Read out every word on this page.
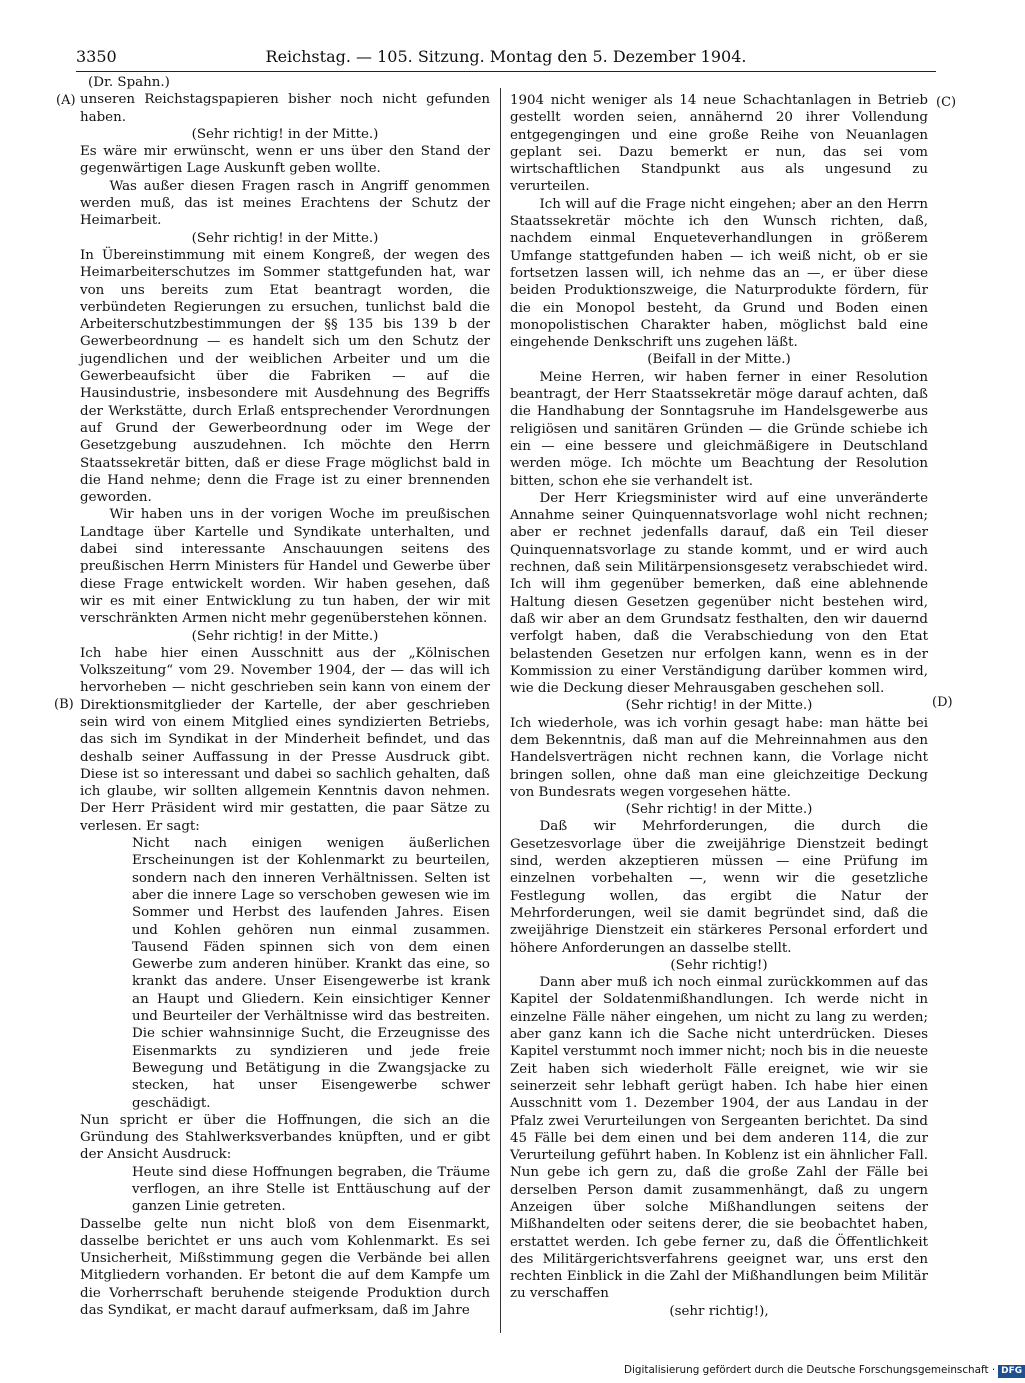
3350	Reichstag. — 105. Sitzung. Montag den 5. Dezember 1904.
(A)
(B)
(C)
(D)

(Dr. Spahn.)

unseren Reichstagspapieren bisher noch nicht gefunden haben.

(Sehr richtig! in der Mitte.)

Es wäre mir erwünscht, wenn er uns über den Stand der gegenwärtigen Lage Auskunft geben wollte.

Was außer diesen Fragen rasch in Angriff genommen werden muß, das ist meines Erachtens der Schutz der Heimarbeit.

(Sehr richtig! in der Mitte.)

In Übereinstimmung mit einem Kongreß, der wegen des Heimarbeiterschutzes im Sommer stattgefunden hat, war von uns bereits zum Etat beantragt worden, die verbündeten Regierungen zu ersuchen, tunlichst bald die Arbeiterschutzbestimmungen der §§ 135 bis 139 b der Gewerbeordnung — es handelt sich um den Schutz der jugendlichen und der weiblichen Arbeiter und um die Gewerbeaufsicht über die Fabriken — auf die Hausindustrie, insbesondere mit Ausdehnung des Begriffs der Werkstätte, durch Erlaß entsprechender Verordnungen auf Grund der Gewerbeordnung oder im Wege der Gesetzgebung auszudehnen. Ich möchte den Herrn Staatssekretär bitten, daß er diese Frage möglichst bald in die Hand nehme; denn die Frage ist zu einer brennenden geworden.

Wir haben uns in der vorigen Woche im preußischen Landtage über Kartelle und Syndikate unterhalten, und dabei sind interessante Anschauungen seitens des preußischen Herrn Ministers für Handel und Gewerbe über diese Frage entwickelt worden. Wir haben gesehen, daß wir es mit einer Entwicklung zu tun haben, der wir mit verschränkten Armen nicht mehr gegenüberstehen können.

(Sehr richtig! in der Mitte.)

Ich habe hier einen Ausschnitt aus der „Kölnischen Volkszeitung“ vom 29. November 1904, der — das will ich hervorheben — nicht geschrieben sein kann von einem der Direktionsmitglieder der Kartelle, der aber geschrieben sein wird von einem Mitglied eines syndizierten Betriebs, das sich im Syndikat in der Minderheit befindet, und das deshalb seiner Auffassung in der Presse Ausdruck gibt. Diese ist so interessant und dabei so sachlich gehalten, daß ich glaube, wir sollten allgemein Kenntnis davon nehmen. Der Herr Präsident wird mir gestatten, die paar Sätze zu verlesen. Er sagt:

Nicht nach einigen wenigen äußerlichen Erscheinungen ist der Kohlenmarkt zu beurteilen, sondern nach den inneren Verhältnissen. Selten ist aber die innere Lage so verschoben gewesen wie im Sommer und Herbst des laufenden Jahres. Eisen und Kohlen gehören nun einmal zusammen. Tausend Fäden spinnen sich von dem einen Gewerbe zum anderen hinüber. Krankt das eine, so krankt das andere. Unser Eisengewerbe ist krank an Haupt und Gliedern. Kein einsichtiger Kenner und Beurteiler der Verhältnisse wird das bestreiten. Die schier wahnsinnige Sucht, die Erzeugnisse des Eisenmarkts zu syndizieren und jede freie Bewegung und Betätigung in die Zwangsjacke zu stecken, hat unser Eisengewerbe schwer geschädigt.

Nun spricht er über die Hoffnungen, die sich an die Gründung des Stahlwerksverbandes knüpften, und er gibt der Ansicht Ausdruck:

Heute sind diese Hoffnungen begraben, die Träume verflogen, an ihre Stelle ist Enttäuschung auf der ganzen Linie getreten.

Dasselbe gelte nun nicht bloß von dem Eisenmarkt, dasselbe berichtet er uns auch vom Kohlenmarkt. Es sei Unsicherheit, Mißstimmung gegen die Verbände bei allen Mitgliedern vorhanden. Er betont die auf dem Kampfe um die Vorherrschaft beruhende steigende Produktion durch das Syndikat, er macht darauf aufmerksam, daß im Jahre

1904 nicht weniger als 14 neue Schachtanlagen in Betrieb gestellt worden seien, annähernd 20 ihrer Vollendung entgegengingen und eine große Reihe von Neuanlagen geplant sei. Dazu bemerkt er nun, das sei vom wirtschaftlichen Standpunkt aus als ungesund zu verurteilen.

Ich will auf die Frage nicht eingehen; aber an den Herrn Staatssekretär möchte ich den Wunsch richten, daß, nachdem einmal Enqueteverhandlungen in größerem Umfange stattgefunden haben — ich weiß nicht, ob er sie fortsetzen lassen will, ich nehme das an —, er über diese beiden Produktionszweige, die Naturprodukte fördern, für die ein Monopol besteht, da Grund und Boden einen monopolistischen Charakter haben, möglichst bald eine eingehende Denkschrift uns zugehen läßt.

(Beifall in der Mitte.)

Meine Herren, wir haben ferner in einer Resolution beantragt, der Herr Staatssekretär möge darauf achten, daß die Handhabung der Sonntagsruhe im Handelsgewerbe aus religiösen und sanitären Gründen — die Gründe schiebe ich ein — eine bessere und gleichmäßigere in Deutschland werden möge. Ich möchte um Beachtung der Resolution bitten, schon ehe sie verhandelt ist.

Der Herr Kriegsminister wird auf eine unveränderte Annahme seiner Quinquennatsvorlage wohl nicht rechnen; aber er rechnet jedenfalls darauf, daß ein Teil dieser Quinquennatsvorlage zu stande kommt, und er wird auch rechnen, daß sein Militärpensionsgesetz verabschiedet wird. Ich will ihm gegenüber bemerken, daß eine ablehnende Haltung diesen Gesetzen gegenüber nicht bestehen wird, daß wir aber an dem Grundsatz festhalten, den wir dauernd verfolgt haben, daß die Verabschiedung von den Etat belastenden Gesetzen nur erfolgen kann, wenn es in der Kommission zu einer Verständigung darüber kommen wird, wie die Deckung dieser Mehrausgaben geschehen soll.

(Sehr richtig! in der Mitte.)

Ich wiederhole, was ich vorhin gesagt habe: man hätte bei dem Bekenntnis, daß man auf die Mehreinnahmen aus den Handelsverträgen nicht rechnen kann, die Vorlage nicht bringen sollen, ohne daß man eine gleichzeitige Deckung von Bundesrats wegen vorgesehen hätte.

(Sehr richtig! in der Mitte.)

Daß wir Mehrforderungen, die durch die Gesetzesvorlage über die zweijährige Dienstzeit bedingt sind, werden akzeptieren müssen — eine Prüfung im einzelnen vorbehalten —, wenn wir die gesetzliche Festlegung wollen, das ergibt die Natur der Mehrforderungen, weil sie damit begründet sind, daß die zweijährige Dienstzeit ein stärkeres Personal erfordert und höhere Anforderungen an dasselbe stellt.

(Sehr richtig!)

Dann aber muß ich noch einmal zurückkommen auf das Kapitel der Soldatenmißhandlungen. Ich werde nicht in einzelne Fälle näher eingehen, um nicht zu lang zu werden; aber ganz kann ich die Sache nicht unterdrücken. Dieses Kapitel verstummt noch immer nicht; noch bis in die neueste Zeit haben sich wiederholt Fälle ereignet, wie wir sie seinerzeit sehr lebhaft gerügt haben. Ich habe hier einen Ausschnitt vom 1. Dezember 1904, der aus Landau in der Pfalz zwei Verurteilungen von Sergeanten berichtet. Da sind 45 Fälle bei dem einen und bei dem anderen 114, die zur Verurteilung geführt haben. In Koblenz ist ein ähnlicher Fall. Nun gebe ich gern zu, daß die große Zahl der Fälle bei derselben Person damit zusammenhängt, daß zu ungern Anzeigen über solche Mißhandlungen seitens der Mißhandelten oder seitens derer, die sie beobachtet haben, erstattet werden. Ich gebe ferner zu, daß die Öffentlichkeit des Militärgerichtsverfahrens geeignet war, uns erst den rechten Einblick in die Zahl der Mißhandlungen beim Militär zu verschaffen

(sehr richtig!),

Digitalisierung gefördert durch die Deutsche Forschungsgemeinschaft · DFG
